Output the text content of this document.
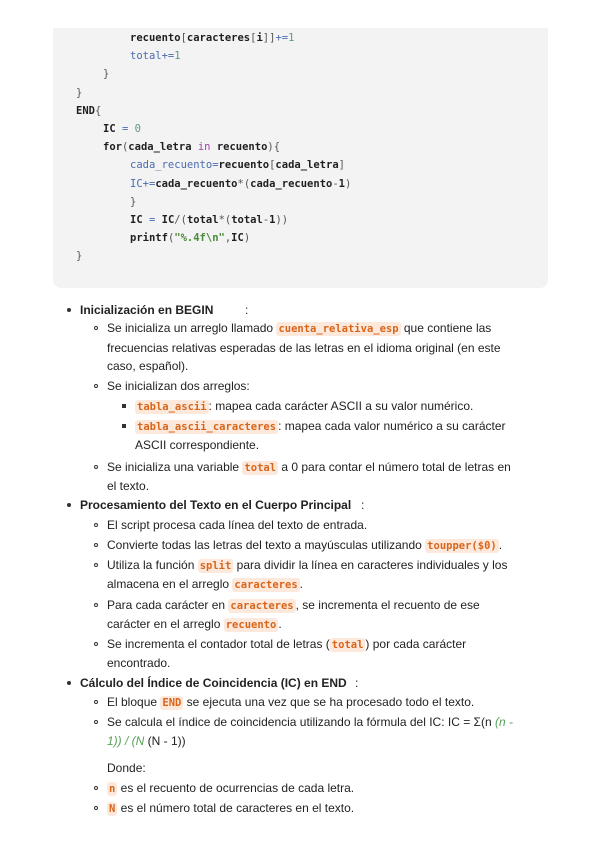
recuento[caracteres[i]]+=1
total+=1
}
}
END{
IC = 0
for(cada_letra in recuento){
cada_recuento=recuento[cada_letra]
IC+=cada_recuento*(cada_recuento-1)
}
IC = IC/(total*(total-1))
printf("%.4f\n",IC)
}
Inicialización en BEGIN	:
Se inicializa un arreglo llamado cuenta_relativa_esp que contiene las
frecuencias relativas esperadas de las letras en el idioma original (en este
caso, español).
Se inicializan dos arreglos:
tabla_ascii : mapea cada carácter ASCII a su valor numérico.
tabla_ascii_caracteres : mapea cada valor numérico a su carácter
ASCII correspondiente.
Se inicializa una variable total a 0 para contar el número total de letras en
el texto.
Procesamiento del Texto en el Cuerpo Principal :
El script procesa cada línea del texto de entrada.
Convierte todas las letras del texto a mayúsculas utilizando toupper($0) .
Utiliza la función split para dividir la línea en caracteres individuales y los
almacena en el arreglo caracteres .
Para cada carácter en caracteres , se incrementa el recuento de ese
carácter en el arreglo recuento .
Se incrementa el contador total de letras ( total ) por cada carácter
encontrado.
Cálculo del Índice de Coincidencia (IC) en END :
El bloque END se ejecuta una vez que se ha procesado todo el texto.
Se calcula el índice de coincidencia utilizando la fórmula del IC: IC = Σ(n (n -
1)) / (N (N - 1))
Donde:
n es el recuento de ocurrencias de cada letra.
N es el número total de caracteres en el texto.
